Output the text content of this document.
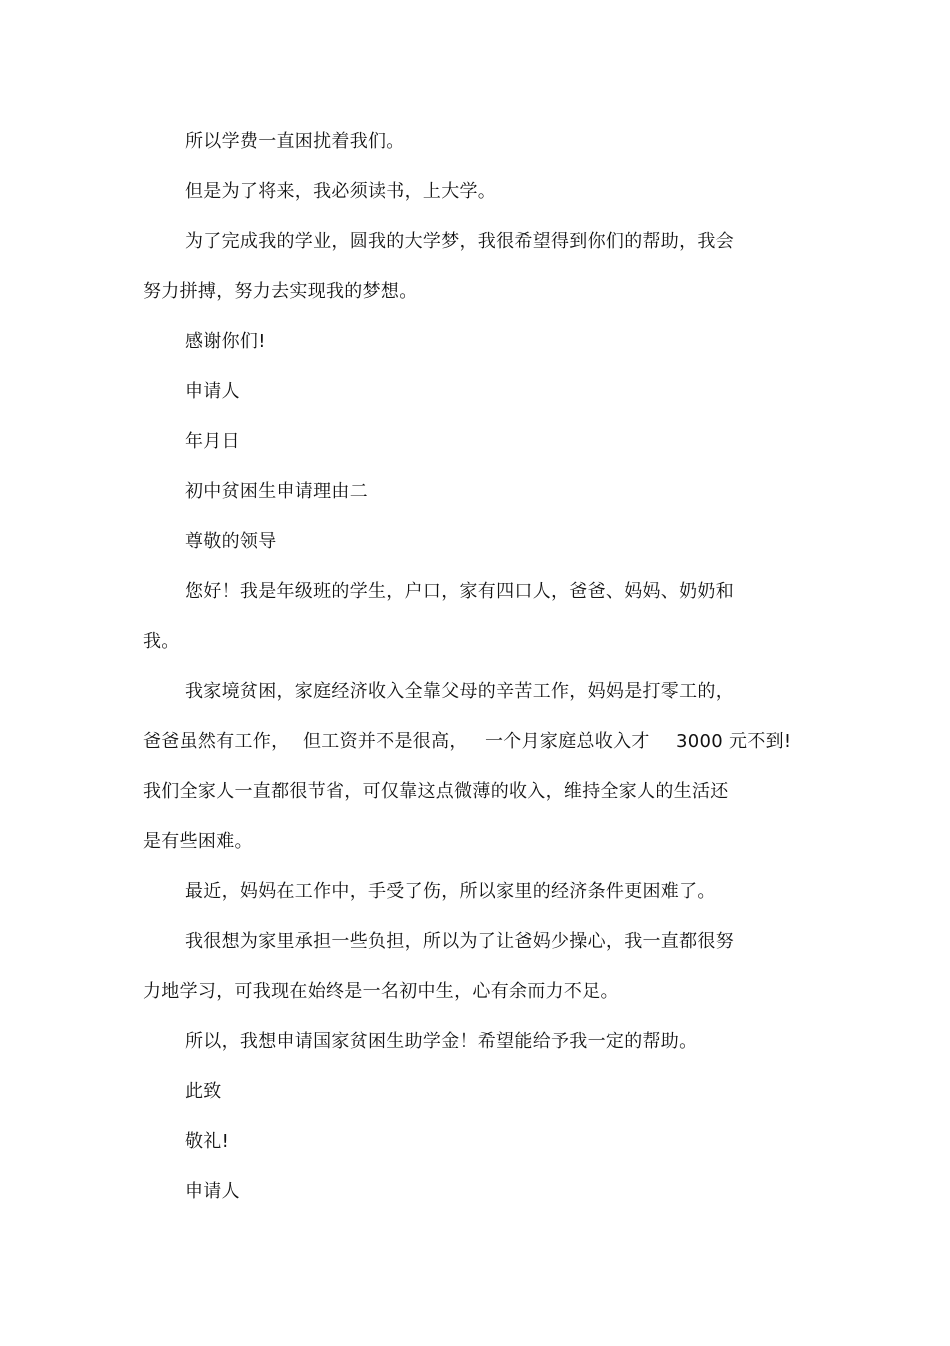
所以学费一直困扰着我们。
但是为了将来，我必须读书，上大学。
为了完成我的学业，圆我的大学梦，我很希望得到你们的帮助，我会
努力拼搏，努力去实现我的梦想。
感谢你们!
申请人
年月日
初中贫困生申请理由二
尊敬的领导
您好！我是年级班的学生，户口，家有四口人，爸爸、妈妈、奶奶和
我。
我家境贫困，家庭经济收入全靠父母的辛苦工作，妈妈是打零工的，
爸爸虽然有工作， 但工资并不是很高， 一个月家庭总收入才 3000 元不到!
我们全家人一直都很节省，可仅靠这点微薄的收入，维持全家人的生活还
是有些困难。
最近，妈妈在工作中，手受了伤，所以家里的经济条件更困难了。
我很想为家里承担一些负担，所以为了让爸妈少操心，我一直都很努
力地学习，可我现在始终是一名初中生，心有余而力不足。
所以，我想申请国家贫困生助学金！希望能给予我一定的帮助。
此致
敬礼!
申请人
